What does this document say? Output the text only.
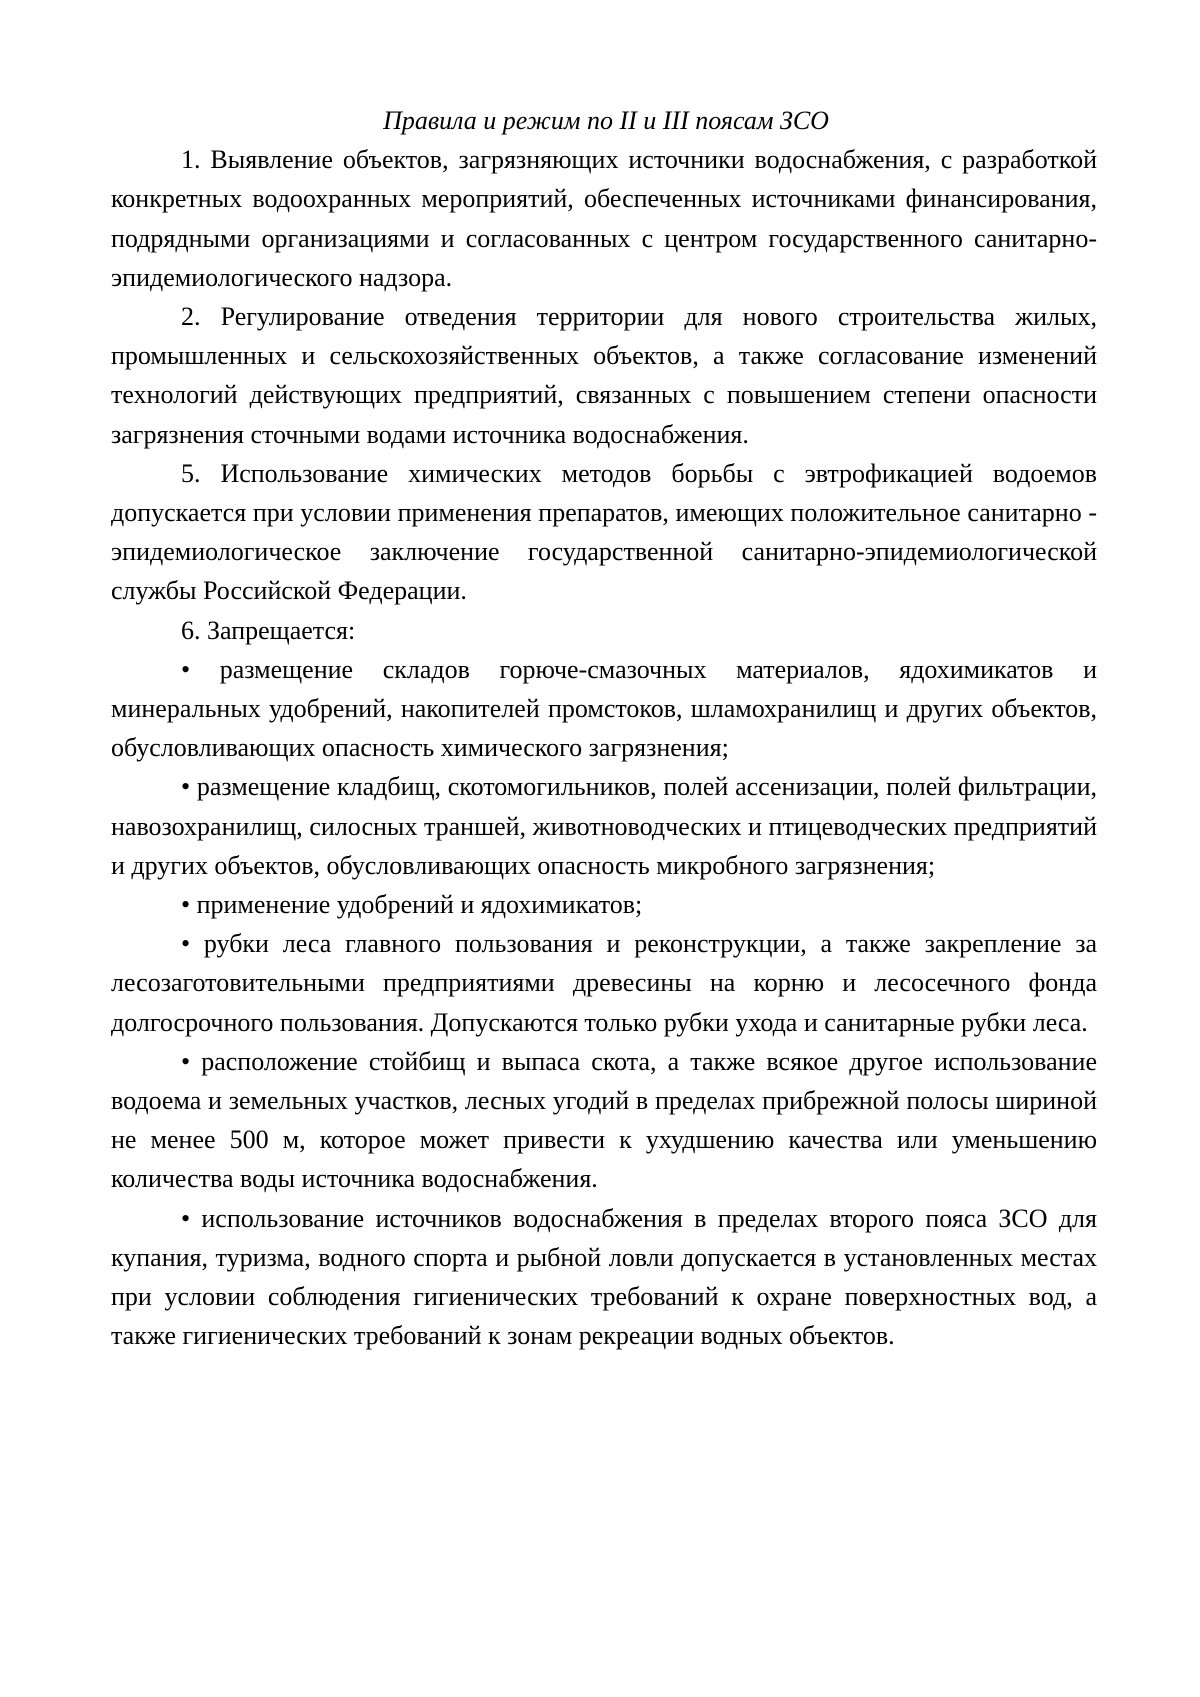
Правила и режим по II и III поясам ЗСО

1. Выявление объектов, загрязняющих источники водоснабжения, с разработкой конкретных водоохранных мероприятий, обеспеченных источниками финансирования, подрядными организациями и согласованных с центром государственного санитарно-эпидемиологического надзора.

2. Регулирование отведения территории для нового строительства жилых, промышленных и сельскохозяйственных объектов, а также согласование изменений технологий действующих предприятий, связанных с повышением степени опасности загрязнения сточными водами источника водоснабжения.

5. Использование химических методов борьбы с эвтрофикацией водоемов допускается при условии применения препаратов, имеющих положительное санитарно - эпидемиологическое заключение государственной санитарно-эпидемиологической службы Российской Федерации.

6. Запрещается:

• размещение складов горюче-смазочных материалов, ядохимикатов и минеральных удобрений, накопителей промстоков, шламохранилищ и других объектов, обусловливающих опасность химического загрязнения;

• размещение кладбищ, скотомогильников, полей ассенизации, полей фильтрации, навозохранилищ, силосных траншей, животноводческих и птицеводческих предприятий и других объектов, обусловливающих опасность микробного загрязнения;

• применение удобрений и ядохимикатов;

• рубки леса главного пользования и реконструкции, а также закрепление за лесозаготовительными предприятиями древесины на корню и лесосечного фонда долгосрочного пользования. Допускаются только рубки ухода и санитарные рубки леса.

• расположение стойбищ и выпаса скота, а также всякое другое использование водоема и земельных участков, лесных угодий в пределах прибрежной полосы шириной не менее 500 м, которое может привести к ухудшению качества или уменьшению количества воды источника водоснабжения.

• использование источников водоснабжения в пределах второго пояса ЗСО для купания, туризма, водного спорта и рыбной ловли допускается в установленных местах при условии соблюдения гигиенических требований к охране поверхностных вод, а также гигиенических требований к зонам рекреации водных объектов.
